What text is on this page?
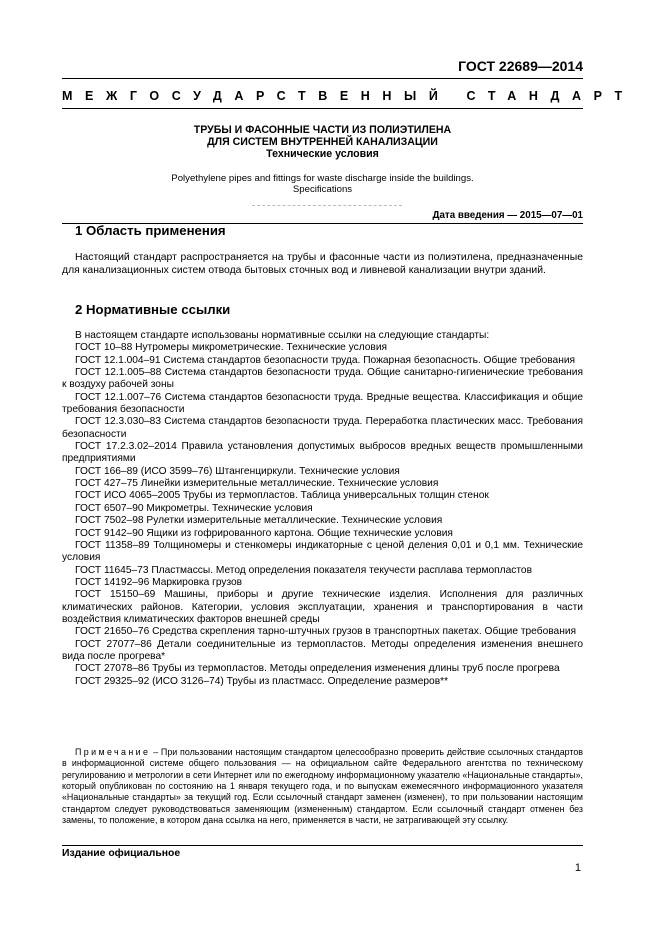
ГОСТ 22689—2014
МЕЖГОСУДАРСТВЕННЫЙ СТАНДАРТ
ТРУБЫ И ФАСОННЫЕ ЧАСТИ ИЗ ПОЛИЭТИЛЕНА
ДЛЯ СИСТЕМ ВНУТРЕННЕЙ КАНАЛИЗАЦИИ
Технические условия
Polyethylene pipes and fittings for waste discharge inside the buildings.
Specifications
Дата введения — 2015—07—01
1 Область применения

Настоящий стандарт распространяется на трубы и фасонные части из полиэтилена, предназначенные для канализационных систем отвода бытовых сточных вод и ливневой канализации внутри зданий.

2 Нормативные ссылки

В настоящем стандарте использованы нормативные ссылки на следующие стандарты:

ГОСТ 10–88 Нутромеры микрометрические. Технические условия

ГОСТ 12.1.004–91 Система стандартов безопасности труда. Пожарная безопасность. Общие требования

ГОСТ 12.1.005–88 Система стандартов безопасности труда. Общие санитарно-гигиенические требования к воздуху рабочей зоны

ГОСТ 12.1.007–76 Система стандартов безопасности труда. Вредные вещества. Классификация и общие требования безопасности

ГОСТ 12.3.030–83 Система стандартов безопасности труда. Переработка пластических масс. Требования безопасности

ГОСТ 17.2.3.02–2014 Правила установления допустимых выбросов вредных веществ промышленными предприятиями

ГОСТ 166–89 (ИСО 3599–76) Штангенциркули. Технические условия

ГОСТ 427–75 Линейки измерительные металлические. Технические условия

ГОСТ ИСО 4065–2005 Трубы из термопластов. Таблица универсальных толщин стенок

ГОСТ 6507–90 Микрометры. Технические условия

ГОСТ 7502–98 Рулетки измерительные металлические. Технические условия

ГОСТ 9142–90 Ящики из гофрированного картона. Общие технические условия

ГОСТ 11358–89 Толщиномеры и стенкомеры индикаторные с ценой деления 0,01 и 0,1 мм. Технические условия

ГОСТ 11645–73 Пластмассы. Метод определения показателя текучести расплава термопластов

ГОСТ 14192–96 Маркировка грузов

ГОСТ 15150–69 Машины, приборы и другие технические изделия. Исполнения для различных климатических районов. Категории, условия эксплуатации, хранения и транспортирования в части воздействия климатических факторов внешней среды

ГОСТ 21650–76 Средства скрепления тарно-штучных грузов в транспортных пакетах. Общие требования

ГОСТ 27077–86 Детали соединительные из термопластов. Методы определения изменения внешнего вида после прогрева*

ГОСТ 27078–86 Трубы из термопластов. Методы определения изменения длины труб после прогрева

ГОСТ 29325–92 (ИСО 3126–74) Трубы из пластмасс. Определение размеров**

Примечание – При пользовании настоящим стандартом целесообразно проверить действие ссылочных стандартов в информационной системе общего пользования — на официальном сайте Федерального агентства по техническому регулированию и метрологии в сети Интернет или по ежегодному информационному указателю «Национальные стандарты», который опубликован по состоянию на 1 января текущего года, и по выпускам ежемесячного информационного указателя «Национальные стандарты» за текущий год. Если ссылочный стандарт заменен (изменен), то при пользовании настоящим стандартом следует руководствоваться заменяющим (измененным) стандартом. Если ссылочный стандарт отменен без замены, то положение, в котором дана ссылка на него, применяется в части, не затрагивающей эту ссылку.
Издание официальное
1
